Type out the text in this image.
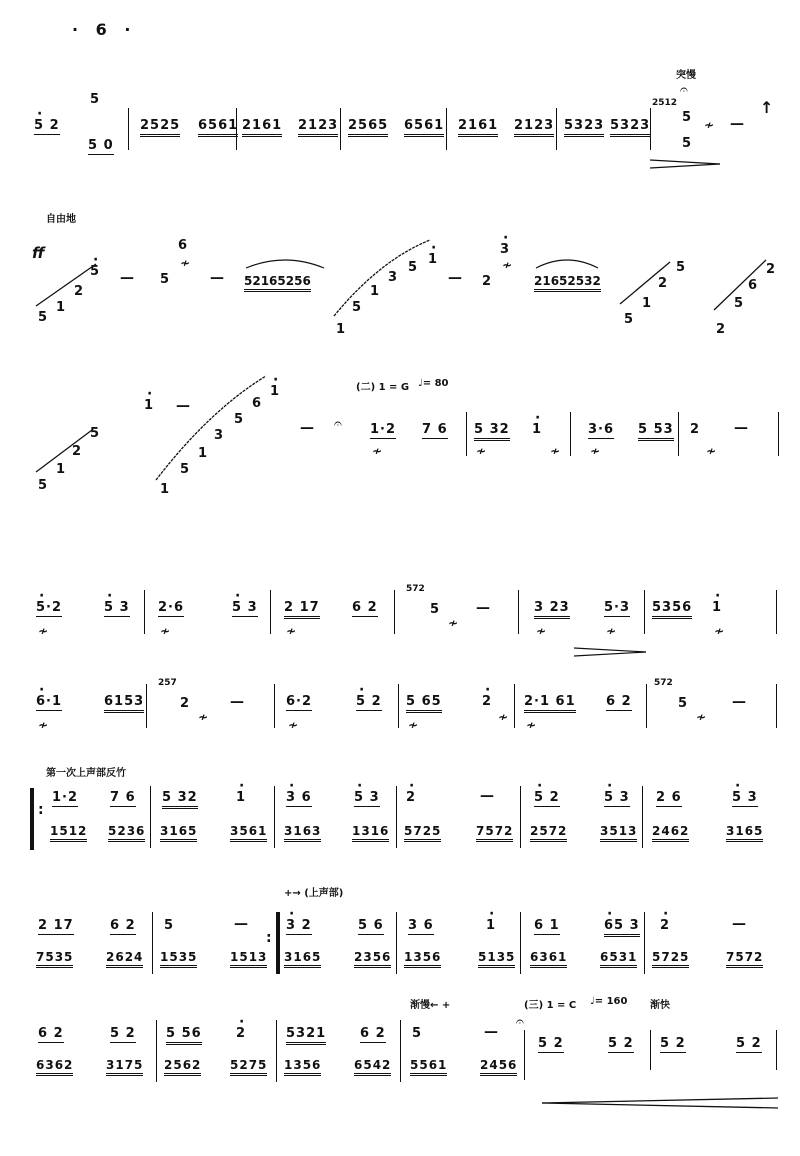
· 6 ·
突慢
· 5 2
5
5 0
2525 6561 2161 2123 2565 6561 2161 2123 5323 5323
2512
𝄐
5
5
≁ —
↑
自由地
ff
5
1
2
· 5 — 5
6
≁
— 52165256
1
5
1
3
5
· 1
— 2
· 3
≁
21652532
5
1
2
5
2
5
6
2
(二) 1 = G ♩= 80
5
1
2
5
· 1 —
1
5
1
3
5
6
· 1
— 𝄐 1·2
≁
7 6 5 32
≁
· 1
≁
3·6
≁
5 53 2
≁
—
· 5·2
≁
· 5 3 2·6
≁
· 5 3 2 17
≁
6 2
572
5
≁
—	3 23
≁
5·3
≁
5356
· 1
≁
· 6·1
≁
6153
257
2
≁
—	6·2
≁
· 5 2 5 65
≁
· 2
≁
2·1 61
≁
6 2
572
5
≁
—
第一次上声部反竹
:
1·2
1512
7 6
5236
5 32
3165
· 1
3561
· 3 6
3163
· 5 3
1316
· 2
5725
—
7572
· 5 2
2572
· 5 3
3513
2 6
2462
· 5 3
3165
+→ (上声部)
2 17
7535
6 2
2624
5
1535
—
1513
:
· 3 2
3165
5 6
2356
3 6
1356
· 1
5135
6 1
6361
· 65 3
6531
· 2
5725
—
7572
渐慢← +	(三) 1 = C ♩= 160 渐快
6 2
6362
5 2
3175
5 56
2562
· 2
5275
5321
1356
6 2
6542
5
5561
—
2456
𝄐
5 2	5 2 5 2	5 2
